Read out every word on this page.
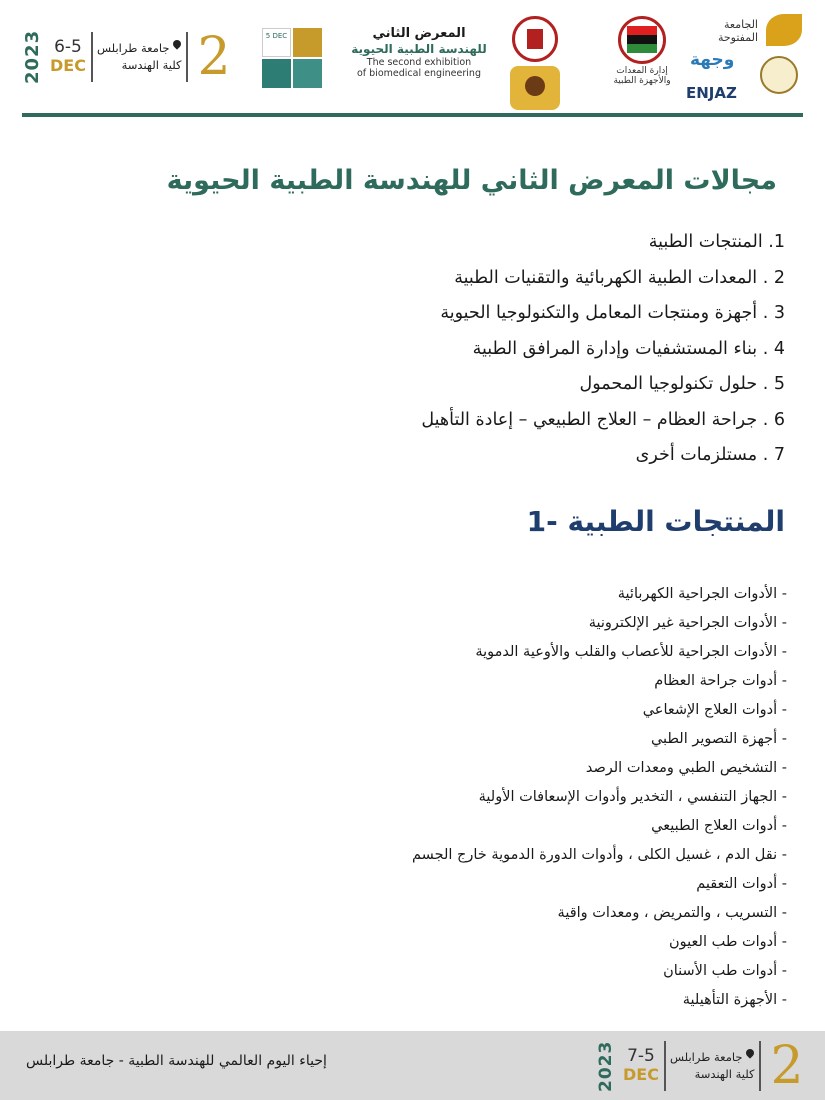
2023 6-5
DEC
جامعة طرابلس
كلية الهندسة 2	5 DEC	المعرض الثاني
للهندسة الطبية الحيوية
The second exhibition
of biomedical engineering	إدارة المعدات والأجهزة الطبية
الجامعة المفتوحة
وجهة
ENJAZ
مجالات المعرض الثاني للهندسة الطبية الحيوية
1. المنتجات الطبية
2 . المعدات الطبية الكهربائية والتقنيات الطبية
3 . أجهزة ومنتجات المعامل والتكنولوجيا الحيوية
4 . بناء المستشفيات وإدارة المرافق الطبية
5 . حلول تكنولوجيا المحمول
6 . جراحة العظام – العلاج الطبيعي – إعادة التأهيل
7 . مستلزمات أخرى
1- المنتجات الطبية
- الأدوات الجراحية الكهربائية
- الأدوات الجراحية غير الإلكترونية
- الأدوات الجراحية للأعصاب والقلب والأوعية الدموية
- أدوات جراحة العظام
- أدوات العلاج الإشعاعي
- أجهزة التصوير الطبي
- التشخيص الطبي ومعدات الرصد
- الجهاز التنفسي ، التخدير وأدوات الإسعافات الأولية
- أدوات العلاج الطبيعي
- نقل الدم ، غسيل الكلى ، وأدوات الدورة الدموية خارج الجسم
- أدوات التعقيم
- التسريب ، والتمريض ، ومعدات واقية
- أدوات طب العيون
- أدوات طب الأسنان
- الأجهزة التأهيلية
إحياء اليوم العالمي للهندسة الطبية - جامعة طرابلس	2023 7-5
DEC
جامعة طرابلس
كلية الهندسة 2
